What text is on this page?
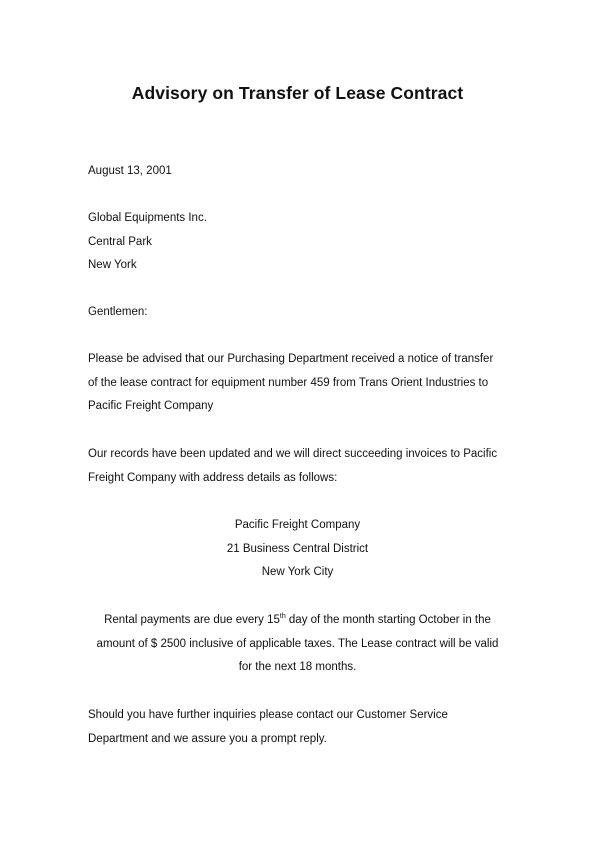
Advisory on Transfer of Lease Contract
August 13, 2001
Global Equipments Inc.
Central Park
New York
Gentlemen:
Please be advised that our Purchasing Department received a notice of transfer
of the lease contract for equipment number 459 from Trans Orient Industries to
Pacific Freight Company
Our records have been updated and we will direct succeeding invoices to Pacific
Freight Company with address details as follows:
Pacific Freight Company
21 Business Central District
New York City
Rental payments are due every 15th day of the month starting October in the
amount of $ 2500 inclusive of applicable taxes. The Lease contract will be valid
for the next 18 months.
Should you have further inquiries please contact our Customer Service
Department and we assure you a prompt reply.
